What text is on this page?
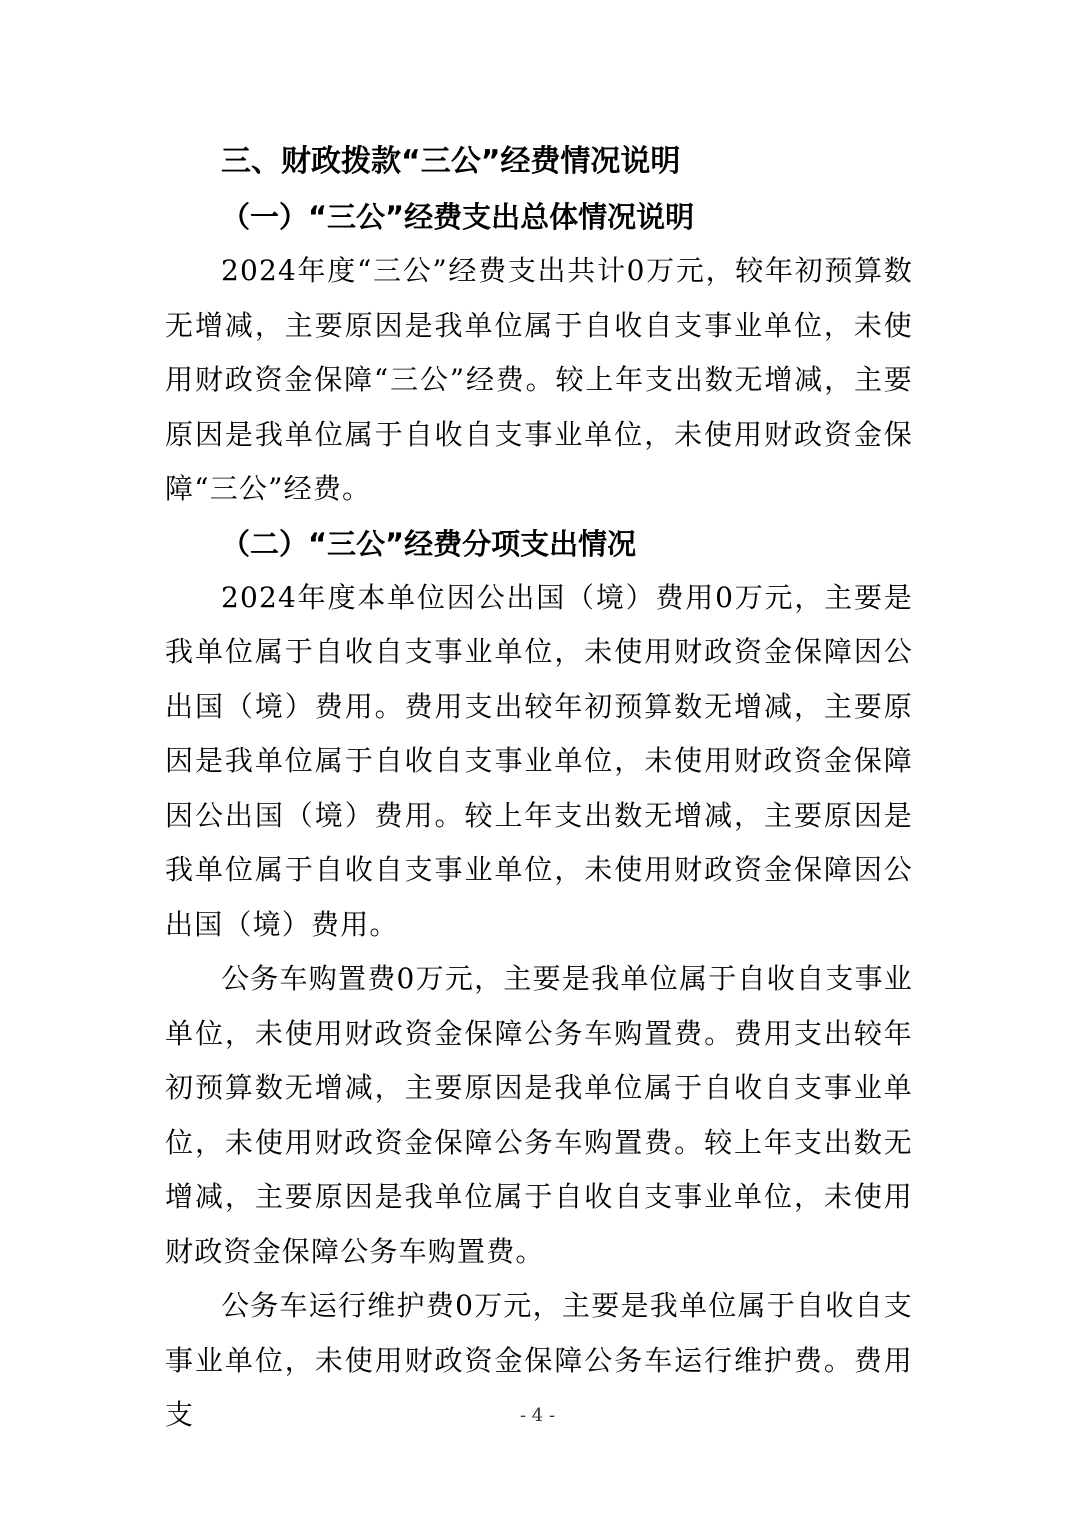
三、财政拨款“三公”经费情况说明
（一）“三公”经费支出总体情况说明

2024年度“三公”经费支出共计0万元，较年初预算数无增减，主要原因是我单位属于自收自支事业单位，未使用财政资金保障“三公”经费。较上年支出数无增减，主要原因是我单位属于自收自支事业单位，未使用财政资金保障“三公”经费。

（二）“三公”经费分项支出情况

2024年度本单位因公出国（境）费用0万元，主要是我单位属于自收自支事业单位，未使用财政资金保障因公出国（境）费用。费用支出较年初预算数无增减，主要原因是我单位属于自收自支事业单位，未使用财政资金保障因公出国（境）费用。较上年支出数无增减，主要原因是我单位属于自收自支事业单位，未使用财政资金保障因公出国（境）费用。

公务车购置费0万元，主要是我单位属于自收自支事业单位，未使用财政资金保障公务车购置费。费用支出较年初预算数无增减，主要原因是我单位属于自收自支事业单位，未使用财政资金保障公务车购置费。较上年支出数无增减，主要原因是我单位属于自收自支事业单位，未使用财政资金保障公务车购置费。

公务车运行维护费0万元，主要是我单位属于自收自支事业单位，未使用财政资金保障公务车运行维护费。费用支	- 4 -
